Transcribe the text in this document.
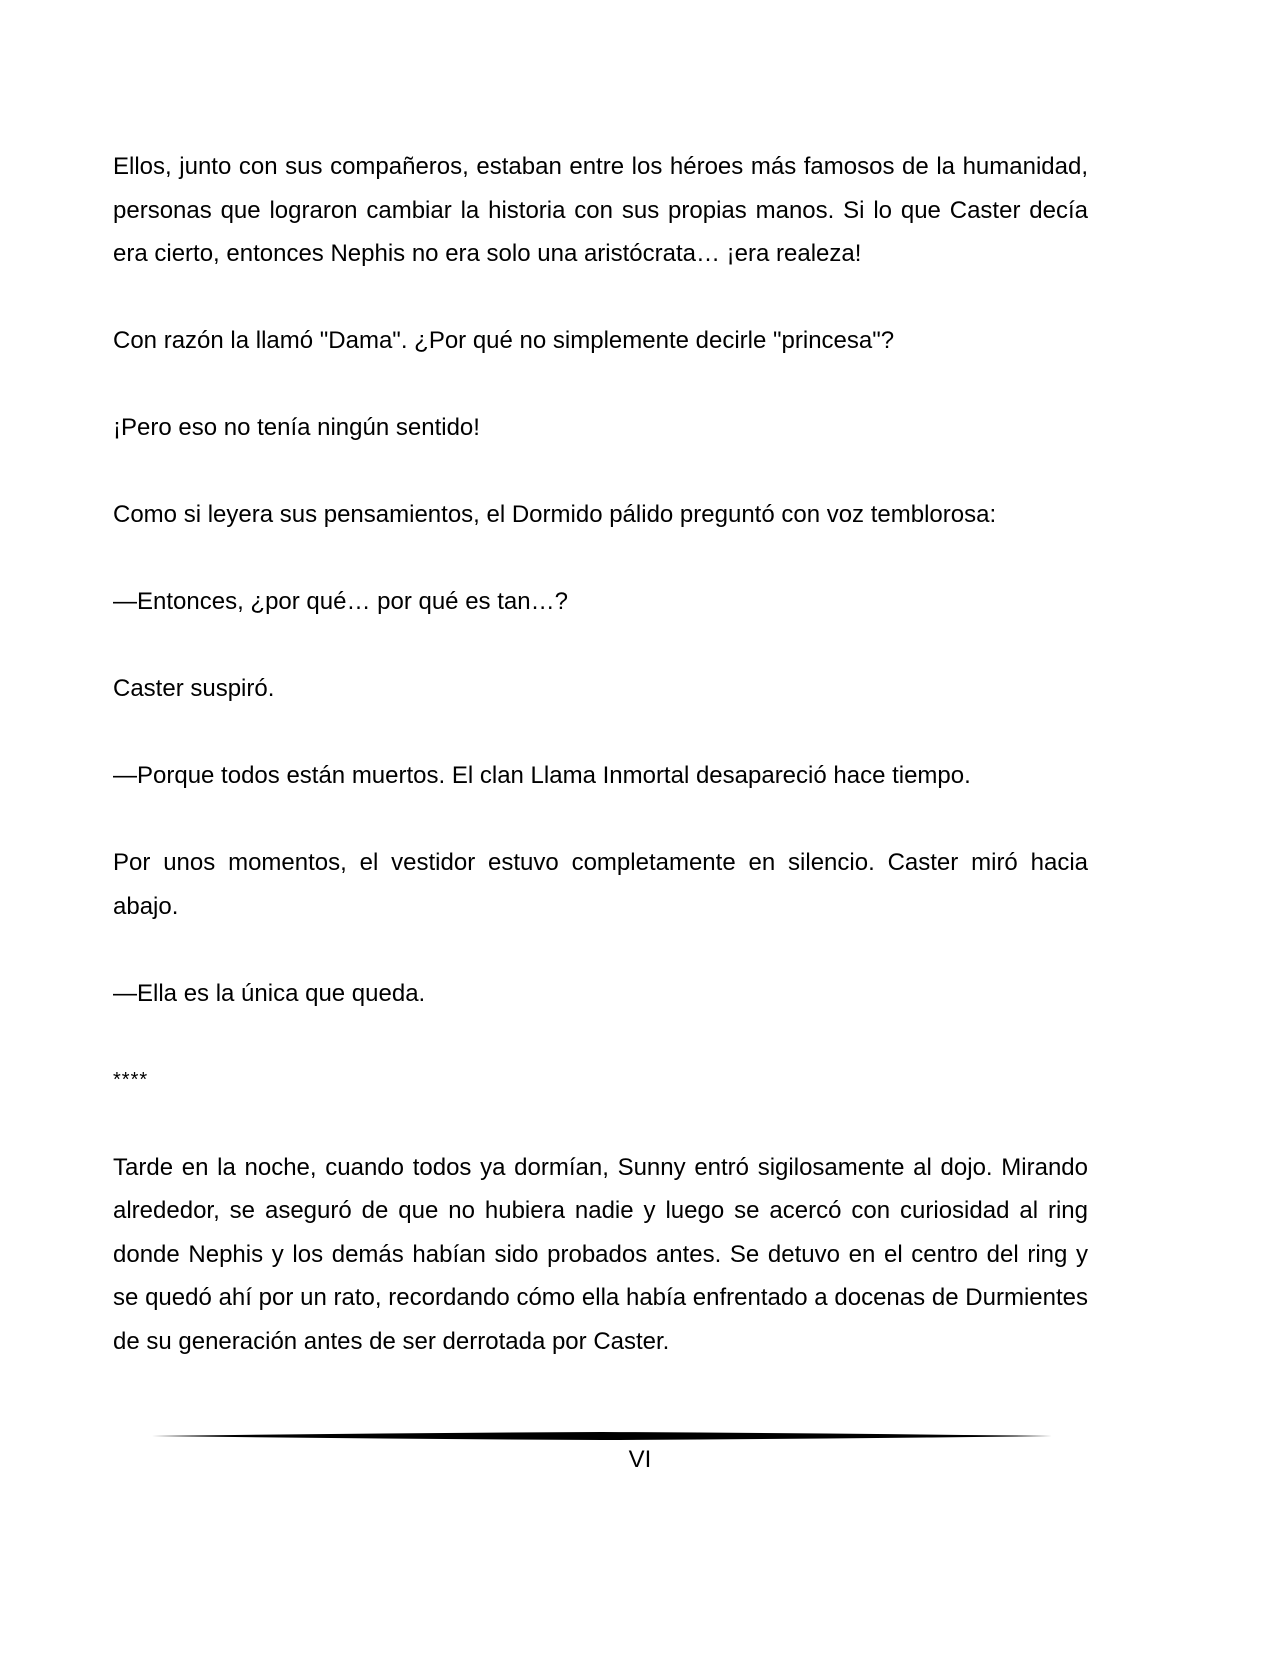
Ellos, junto con sus compañeros, estaban entre los héroes más famosos de la humanidad, personas que lograron cambiar la historia con sus propias manos. Si lo que Caster decía era cierto, entonces Nephis no era solo una aristócrata… ¡era realeza!

Con razón la llamó "Dama". ¿Por qué no simplemente decirle "princesa"?

¡Pero eso no tenía ningún sentido!

Como si leyera sus pensamientos, el Dormido pálido preguntó con voz temblorosa:

—Entonces, ¿por qué… por qué es tan…?

Caster suspiró.

—Porque todos están muertos. El clan Llama Inmortal desapareció hace tiempo.

Por unos momentos, el vestidor estuvo completamente en silencio. Caster miró hacia abajo.

—Ella es la única que queda.

****

Tarde en la noche, cuando todos ya dormían, Sunny entró sigilosamente al dojo. Mirando alrededor, se aseguró de que no hubiera nadie y luego se acercó con curiosidad al ring donde Nephis y los demás habían sido probados antes. Se detuvo en el centro del ring y se quedó ahí por un rato, recordando cómo ella había enfrentado a docenas de Durmientes de su generación antes de ser derrotada por Caster.

VI
